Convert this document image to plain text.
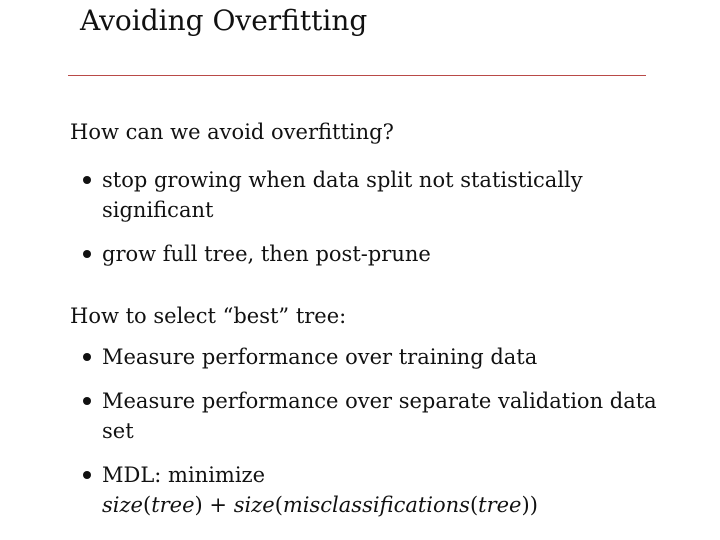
Avoiding Overfitting
How can we avoid overfitting?
stop growing when data split not statistically significant
grow full tree, then post-prune
How to select “best” tree:
Measure performance over training data
Measure performance over separate validation data set
MDL: minimize
size(tree) + size(misclassifications(tree))
